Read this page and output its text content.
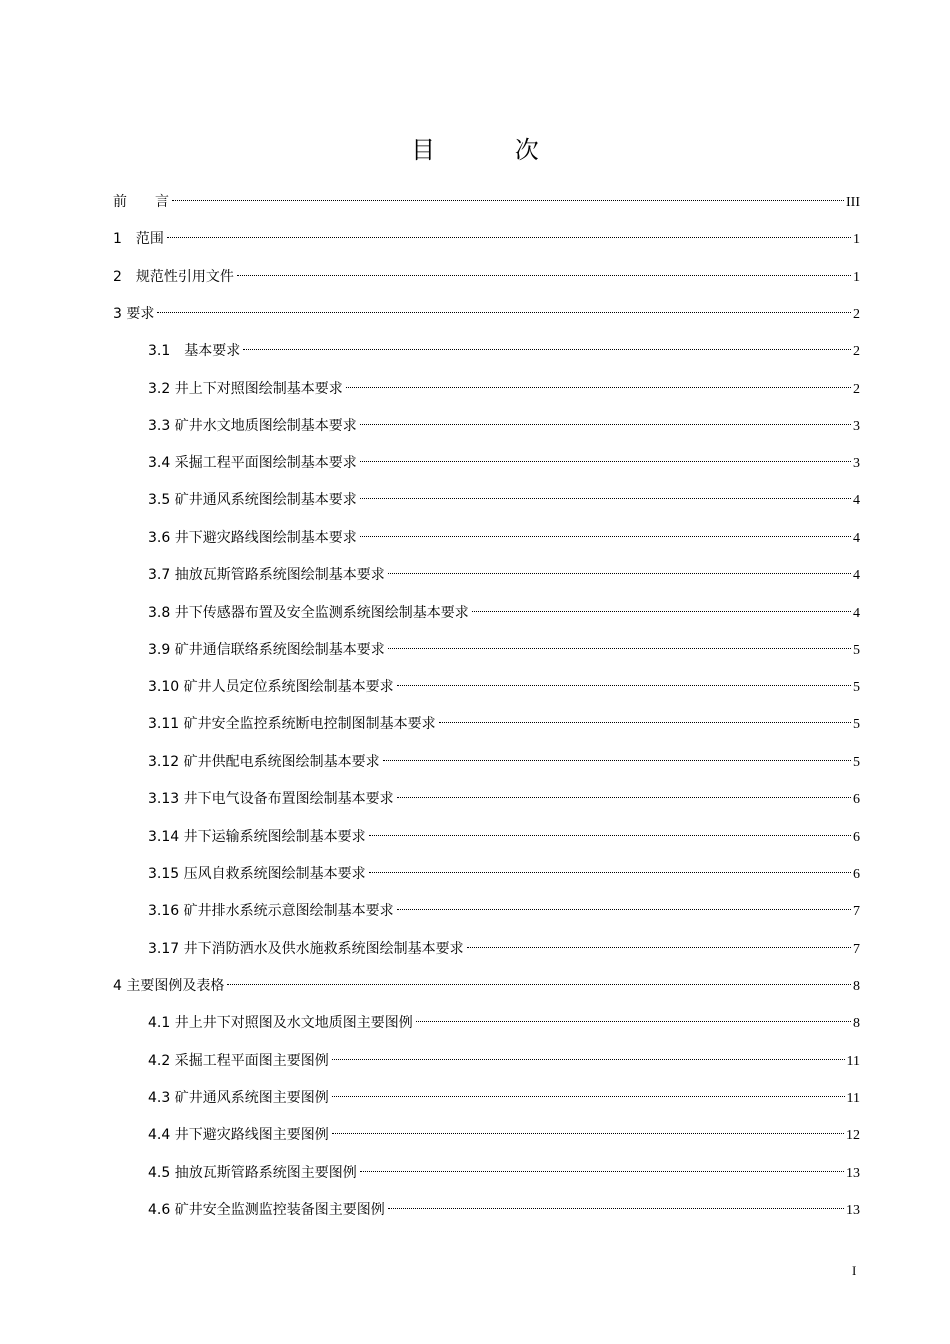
目 次
前　　言	III
1　范围	1
2　规范性引用文件	1
3 要求	2
3.1　基本要求	2
3.2 井上下对照图绘制基本要求	2
3.3 矿井水文地质图绘制基本要求	3
3.4 采掘工程平面图绘制基本要求	3
3.5 矿井通风系统图绘制基本要求	4
3.6 井下避灾路线图绘制基本要求	4
3.7 抽放瓦斯管路系统图绘制基本要求	4
3.8 井下传感器布置及安全监测系统图绘制基本要求	4
3.9 矿井通信联络系统图绘制基本要求	5
3.10 矿井人员定位系统图绘制基本要求	5
3.11 矿井安全监控系统断电控制图制基本要求	5
3.12 矿井供配电系统图绘制基本要求	5
3.13 井下电气设备布置图绘制基本要求	6
3.14 井下运输系统图绘制基本要求	6
3.15 压风自救系统图绘制基本要求	6
3.16 矿井排水系统示意图绘制基本要求	7
3.17 井下消防洒水及供水施救系统图绘制基本要求	7
4 主要图例及表格	8
4.1 井上井下对照图及水文地质图主要图例	8
4.2 采掘工程平面图主要图例	11
4.3 矿井通风系统图主要图例	11
4.4 井下避灾路线图主要图例	12
4.5 抽放瓦斯管路系统图主要图例	13
4.6 矿井安全监测监控装备图主要图例	13
I
